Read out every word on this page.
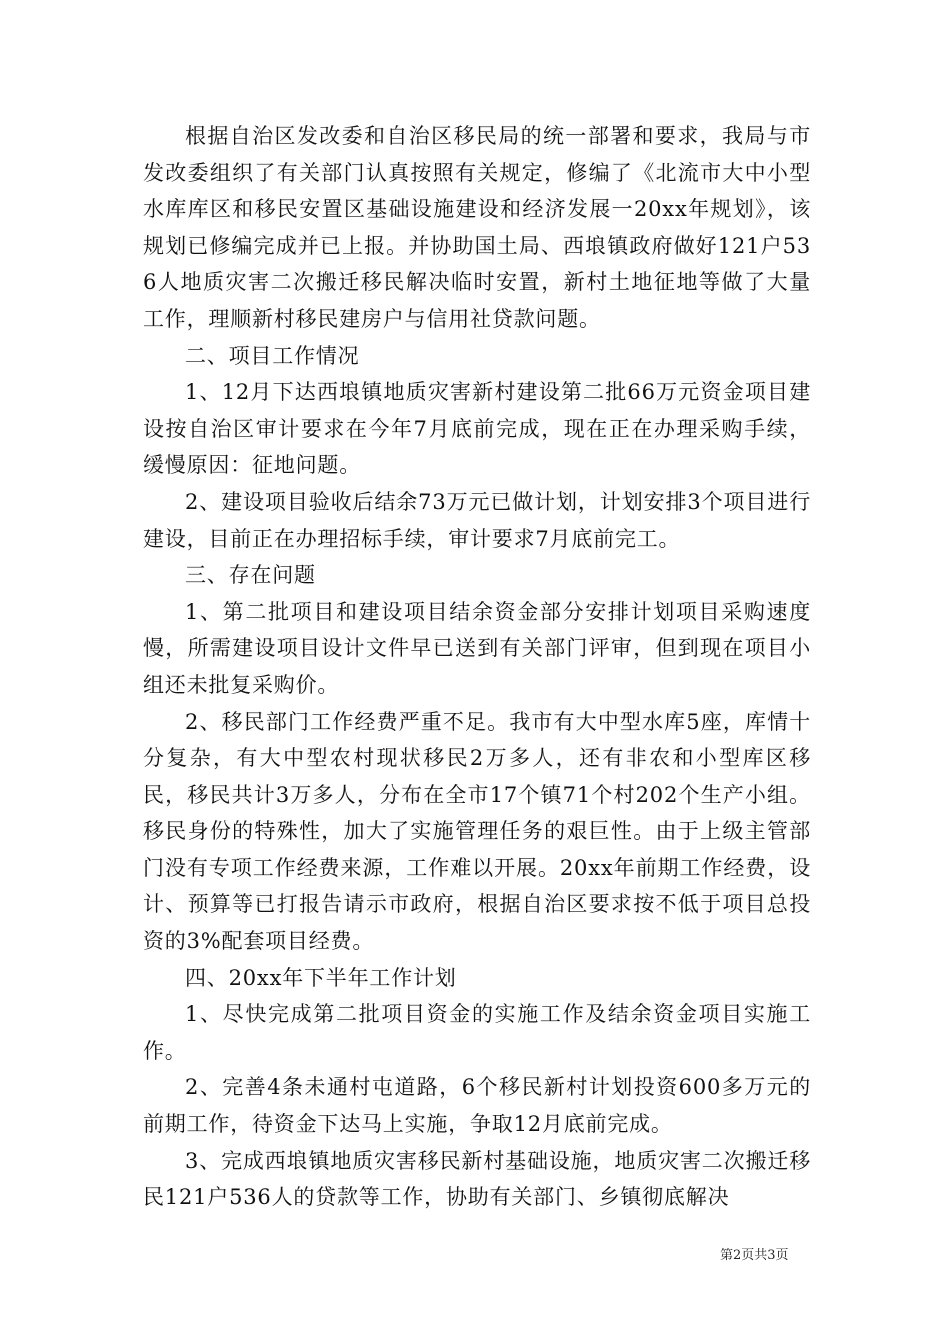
根据自治区发改委和自治区移民局的统一部署和要求，我局与市发改委组织了有关部门认真按照有关规定，修编了《北流市大中小型水库库区和移民安置区基础设施建设和经济发展一20xx年规划》，该规划已修编完成并已上报。并协助国土局、西埌镇政府做好121户536人地质灾害二次搬迁移民解决临时安置，新村土地征地等做了大量工作，理顺新村移民建房户与信用社贷款问题。

二、项目工作情况

1、12月下达西埌镇地质灾害新村建设第二批66万元资金项目建设按自治区审计要求在今年7月底前完成，现在正在办理采购手续，缓慢原因：征地问题。

2、建设项目验收后结余73万元已做计划，计划安排3个项目进行建设，目前正在办理招标手续，审计要求7月底前完工。

三、存在问题

1、第二批项目和建设项目结余资金部分安排计划项目采购速度慢，所需建设项目设计文件早已送到有关部门评审，但到现在项目小组还未批复采购价。

2、移民部门工作经费严重不足。我市有大中型水库5座，库情十分复杂，有大中型农村现状移民2万多人，还有非农和小型库区移民，移民共计3万多人，分布在全市17个镇71个村202个生产小组。移民身份的特殊性，加大了实施管理任务的艰巨性。由于上级主管部门没有专项工作经费来源，工作难以开展。20xx年前期工作经费，设计、预算等已打报告请示市政府，根据自治区要求按不低于项目总投资的3%配套项目经费。

四、20xx年下半年工作计划

1、尽快完成第二批项目资金的实施工作及结余资金项目实施工作。

2、完善4条未通村屯道路，6个移民新村计划投资600多万元的前期工作，待资金下达马上实施，争取12月底前完成。

3、完成西埌镇地质灾害移民新村基础设施，地质灾害二次搬迁移民121户536人的贷款等工作，协助有关部门、乡镇彻底解决

第2页共3页
